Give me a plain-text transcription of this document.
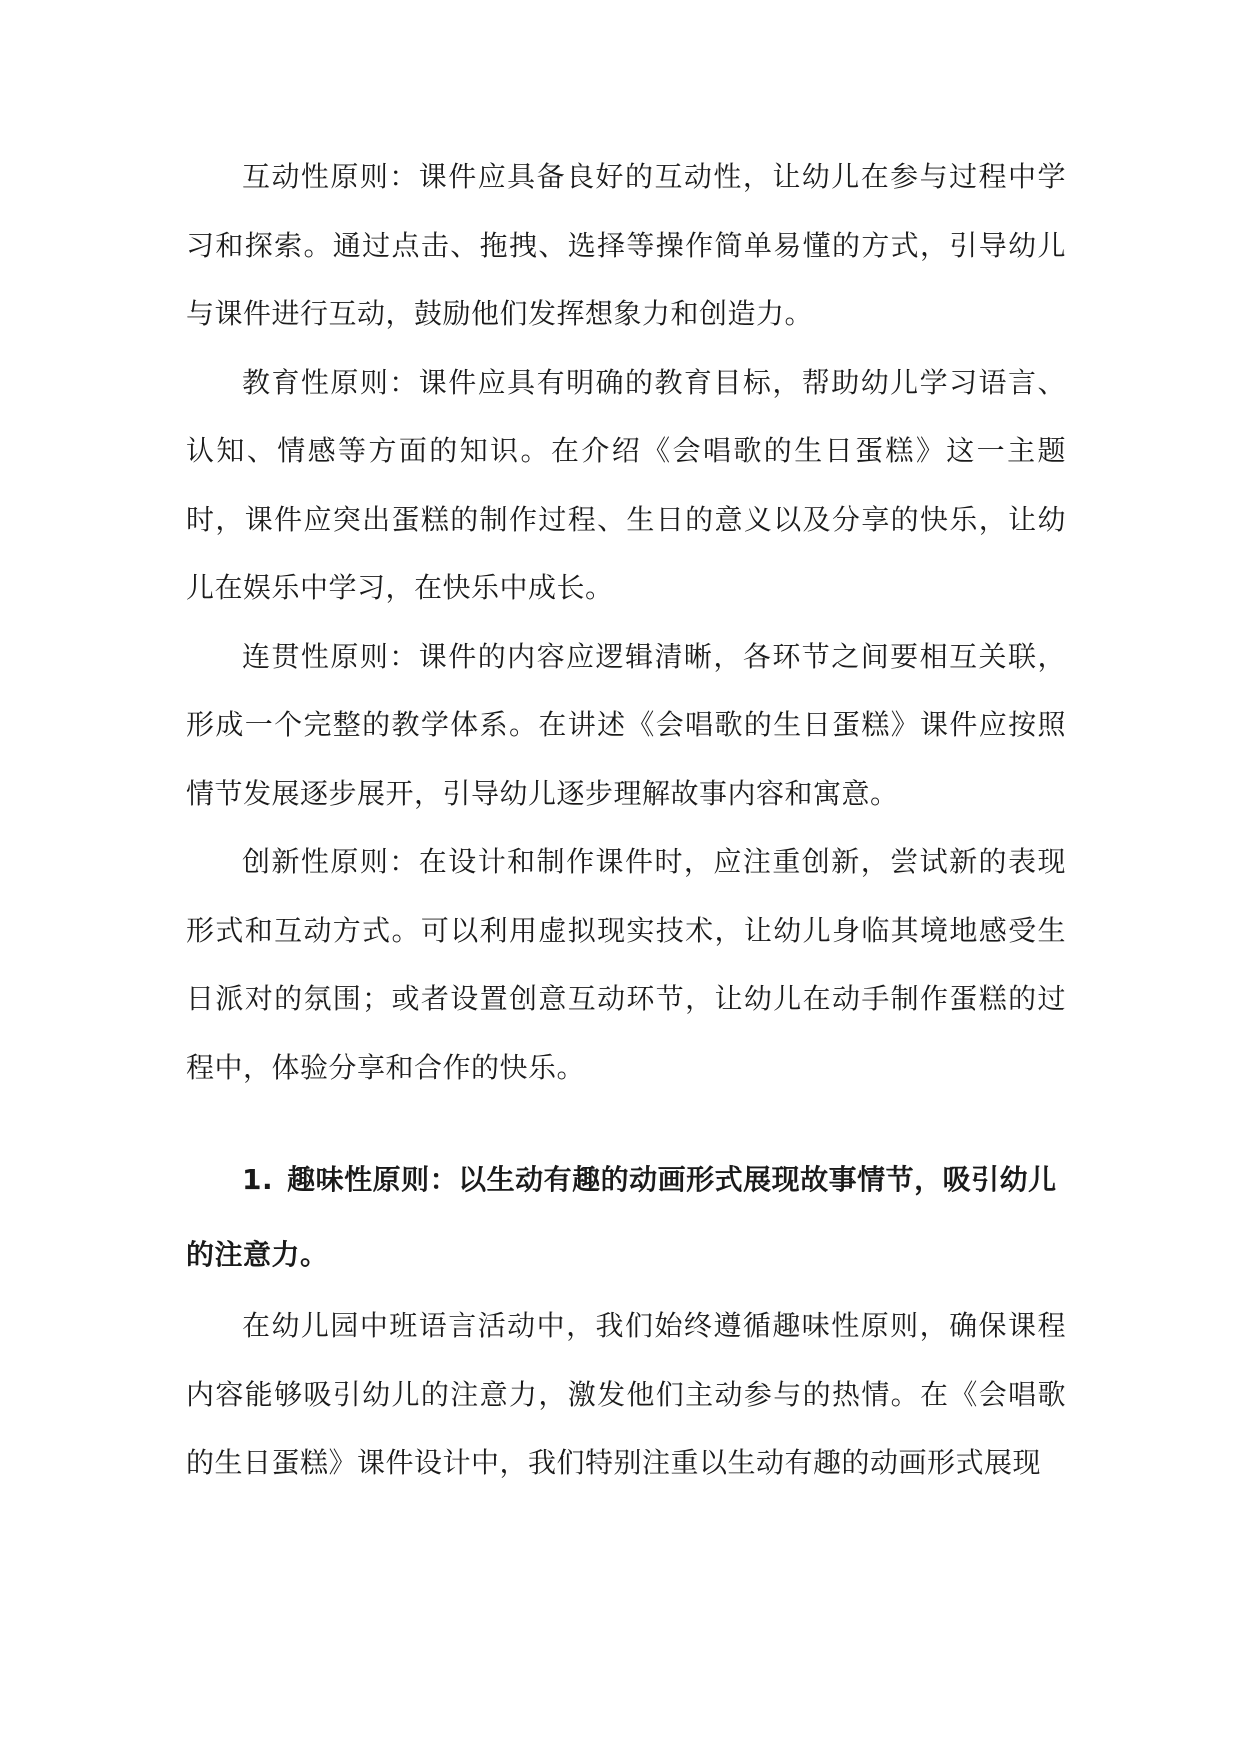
互动性原则：课件应具备良好的互动性，让幼儿在参与过程中学习和探索。通过点击、拖拽、选择等操作简单易懂的方式，引导幼儿与课件进行互动，鼓励他们发挥想象力和创造力。

教育性原则：课件应具有明确的教育目标，帮助幼儿学习语言、认知、情感等方面的知识。在介绍《会唱歌的生日蛋糕》这一主题时，课件应突出蛋糕的制作过程、生日的意义以及分享的快乐，让幼儿在娱乐中学习，在快乐中成长。

连贯性原则：课件的内容应逻辑清晰，各环节之间要相互关联，形成一个完整的教学体系。在讲述《会唱歌的生日蛋糕》课件应按照情节发展逐步展开，引导幼儿逐步理解故事内容和寓意。

创新性原则：在设计和制作课件时，应注重创新，尝试新的表现形式和互动方式。可以利用虚拟现实技术，让幼儿身临其境地感受生日派对的氛围；或者设置创意互动环节，让幼儿在动手制作蛋糕的过程中，体验分享和合作的快乐。

1. 趣味性原则：以生动有趣的动画形式展现故事情节，吸引幼儿的注意力。

在幼儿园中班语言活动中，我们始终遵循趣味性原则，确保课程内容能够吸引幼儿的注意力，激发他们主动参与的热情。在《会唱歌的生日蛋糕》课件设计中，我们特别注重以生动有趣的动画形式展现
